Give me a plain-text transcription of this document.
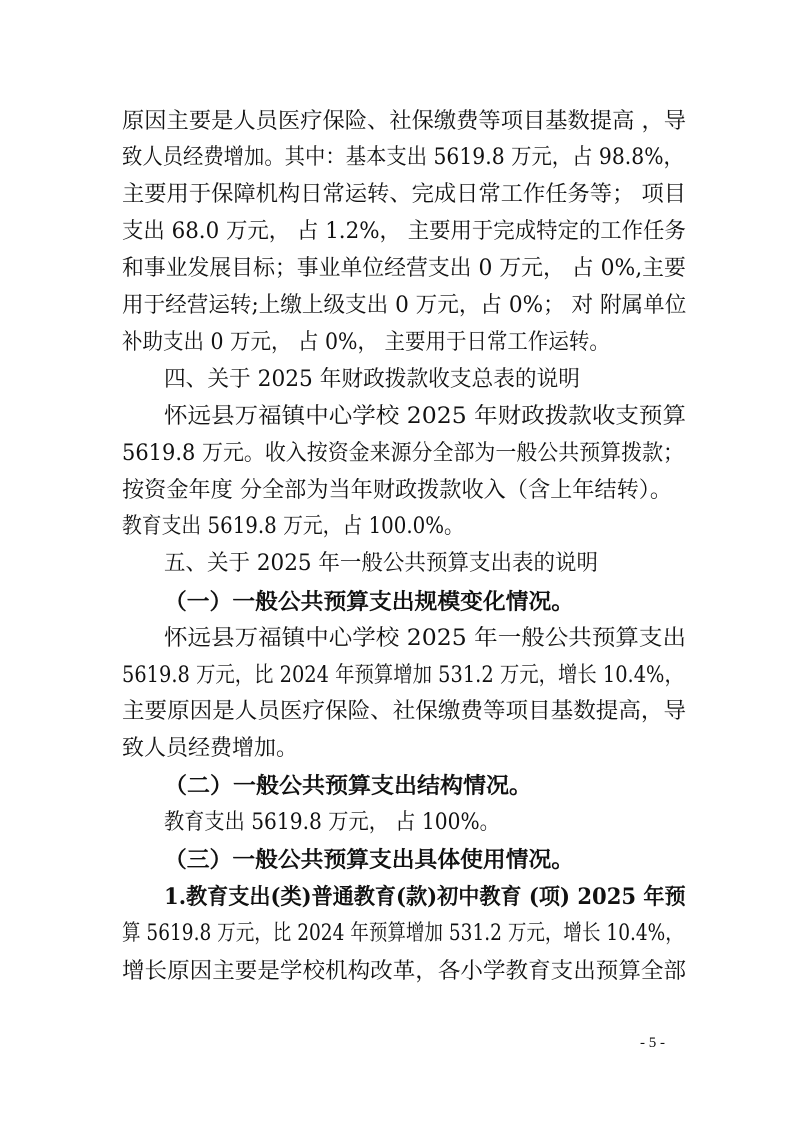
原因主要是人员医疗保险、社保缴费等项目基数提高 ，导
致人员经费增加。其中：基本支出 5619.8 万元，占 98.8%，
主要用于保障机构日常运转、完成日常工作任务等； 项目
支出 68.0 万元， 占 1.2%， 主要用于完成特定的工作任务
和事业发展目标；事业单位经营支出 0 万元， 占 0%,主要
用于经营运转;上缴上级支出 0 万元，占 0%； 对 附属单位
补助支出 0 万元， 占 0%， 主要用于日常工作运转。
四、关于 2025 年财政拨款收支总表的说明
怀远县万福镇中心学校 2025 年财政拨款收支预算
5619.8 万元。收入按资金来源分全部为一般公共预算拨款；
按资金年度 分全部为当年财政拨款收入（含上年结转）。
教育支出 5619.8 万元，占 100.0%。
五、关于 2025 年一般公共预算支出表的说明
（一）一般公共预算支出规模变化情况。
怀远县万福镇中心学校 2025 年一般公共预算支出
5619.8 万元，比 2024 年预算增加 531.2 万元，增长 10.4%，
主要原因是人员医疗保险、社保缴费等项目基数提高，导
致人员经费增加。
（二）一般公共预算支出结构情况。
教育支出 5619.8 万元， 占 100%。
（三）一般公共预算支出具体使用情况。
1.教育支出(类)普通教育(款)初中教育 (项) 2025 年预
算 5619.8 万元，比 2024 年预算增加 531.2 万元，增长 10.4%，
增长原因主要是学校机构改革，各小学教育支出预算全部
- 5 -
